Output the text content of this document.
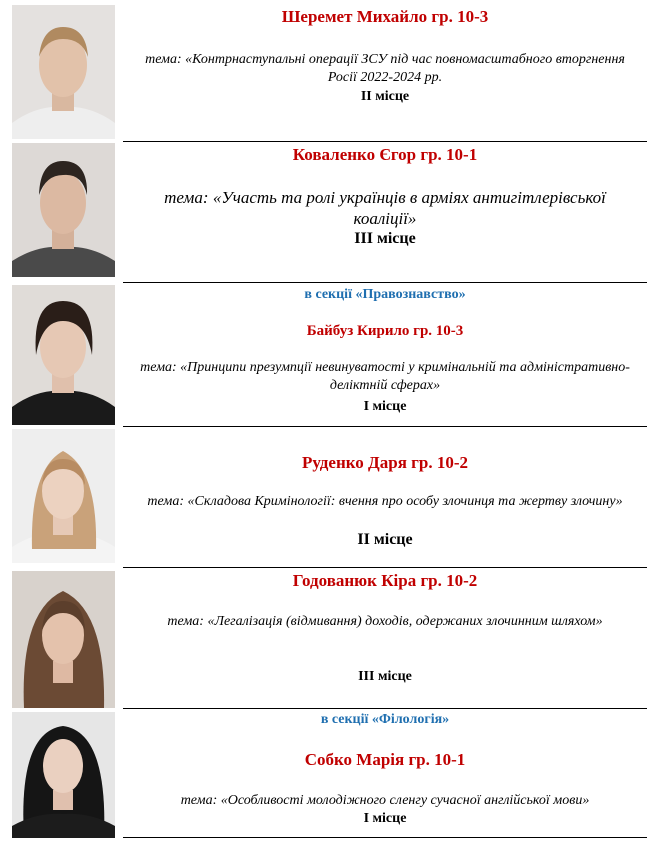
Шеремет Михайло гр. 10-3
тема: «Контрнаступальні операції ЗСУ під час повномасштабного вторгнення Росії 2022-2024 рр.
II місце
Коваленко Єгор гр. 10-1
тема: «Участь та ролі українців в арміях антигітлерівської коаліції»
III місце
в секції «Правознавство»
Байбуз Кирило гр. 10-3
тема: «Принципи презумпції невинуватості у кримінальній та адміністративно-деліктній сферах»
I місце
Руденко Даря гр. 10-2
тема: «Складова Кримінології: вчення про особу злочинця та жертву злочину»
II місце
Годованюк Кіра гр. 10-2
тема: «Легалізація (відмивання) доходів, одержаних злочинним шляхом»
III місце
в секції «Філологія»
Собко Марія гр. 10-1
тема: «Особливості молодіжного сленгу сучасної англійської мови»
I місце
